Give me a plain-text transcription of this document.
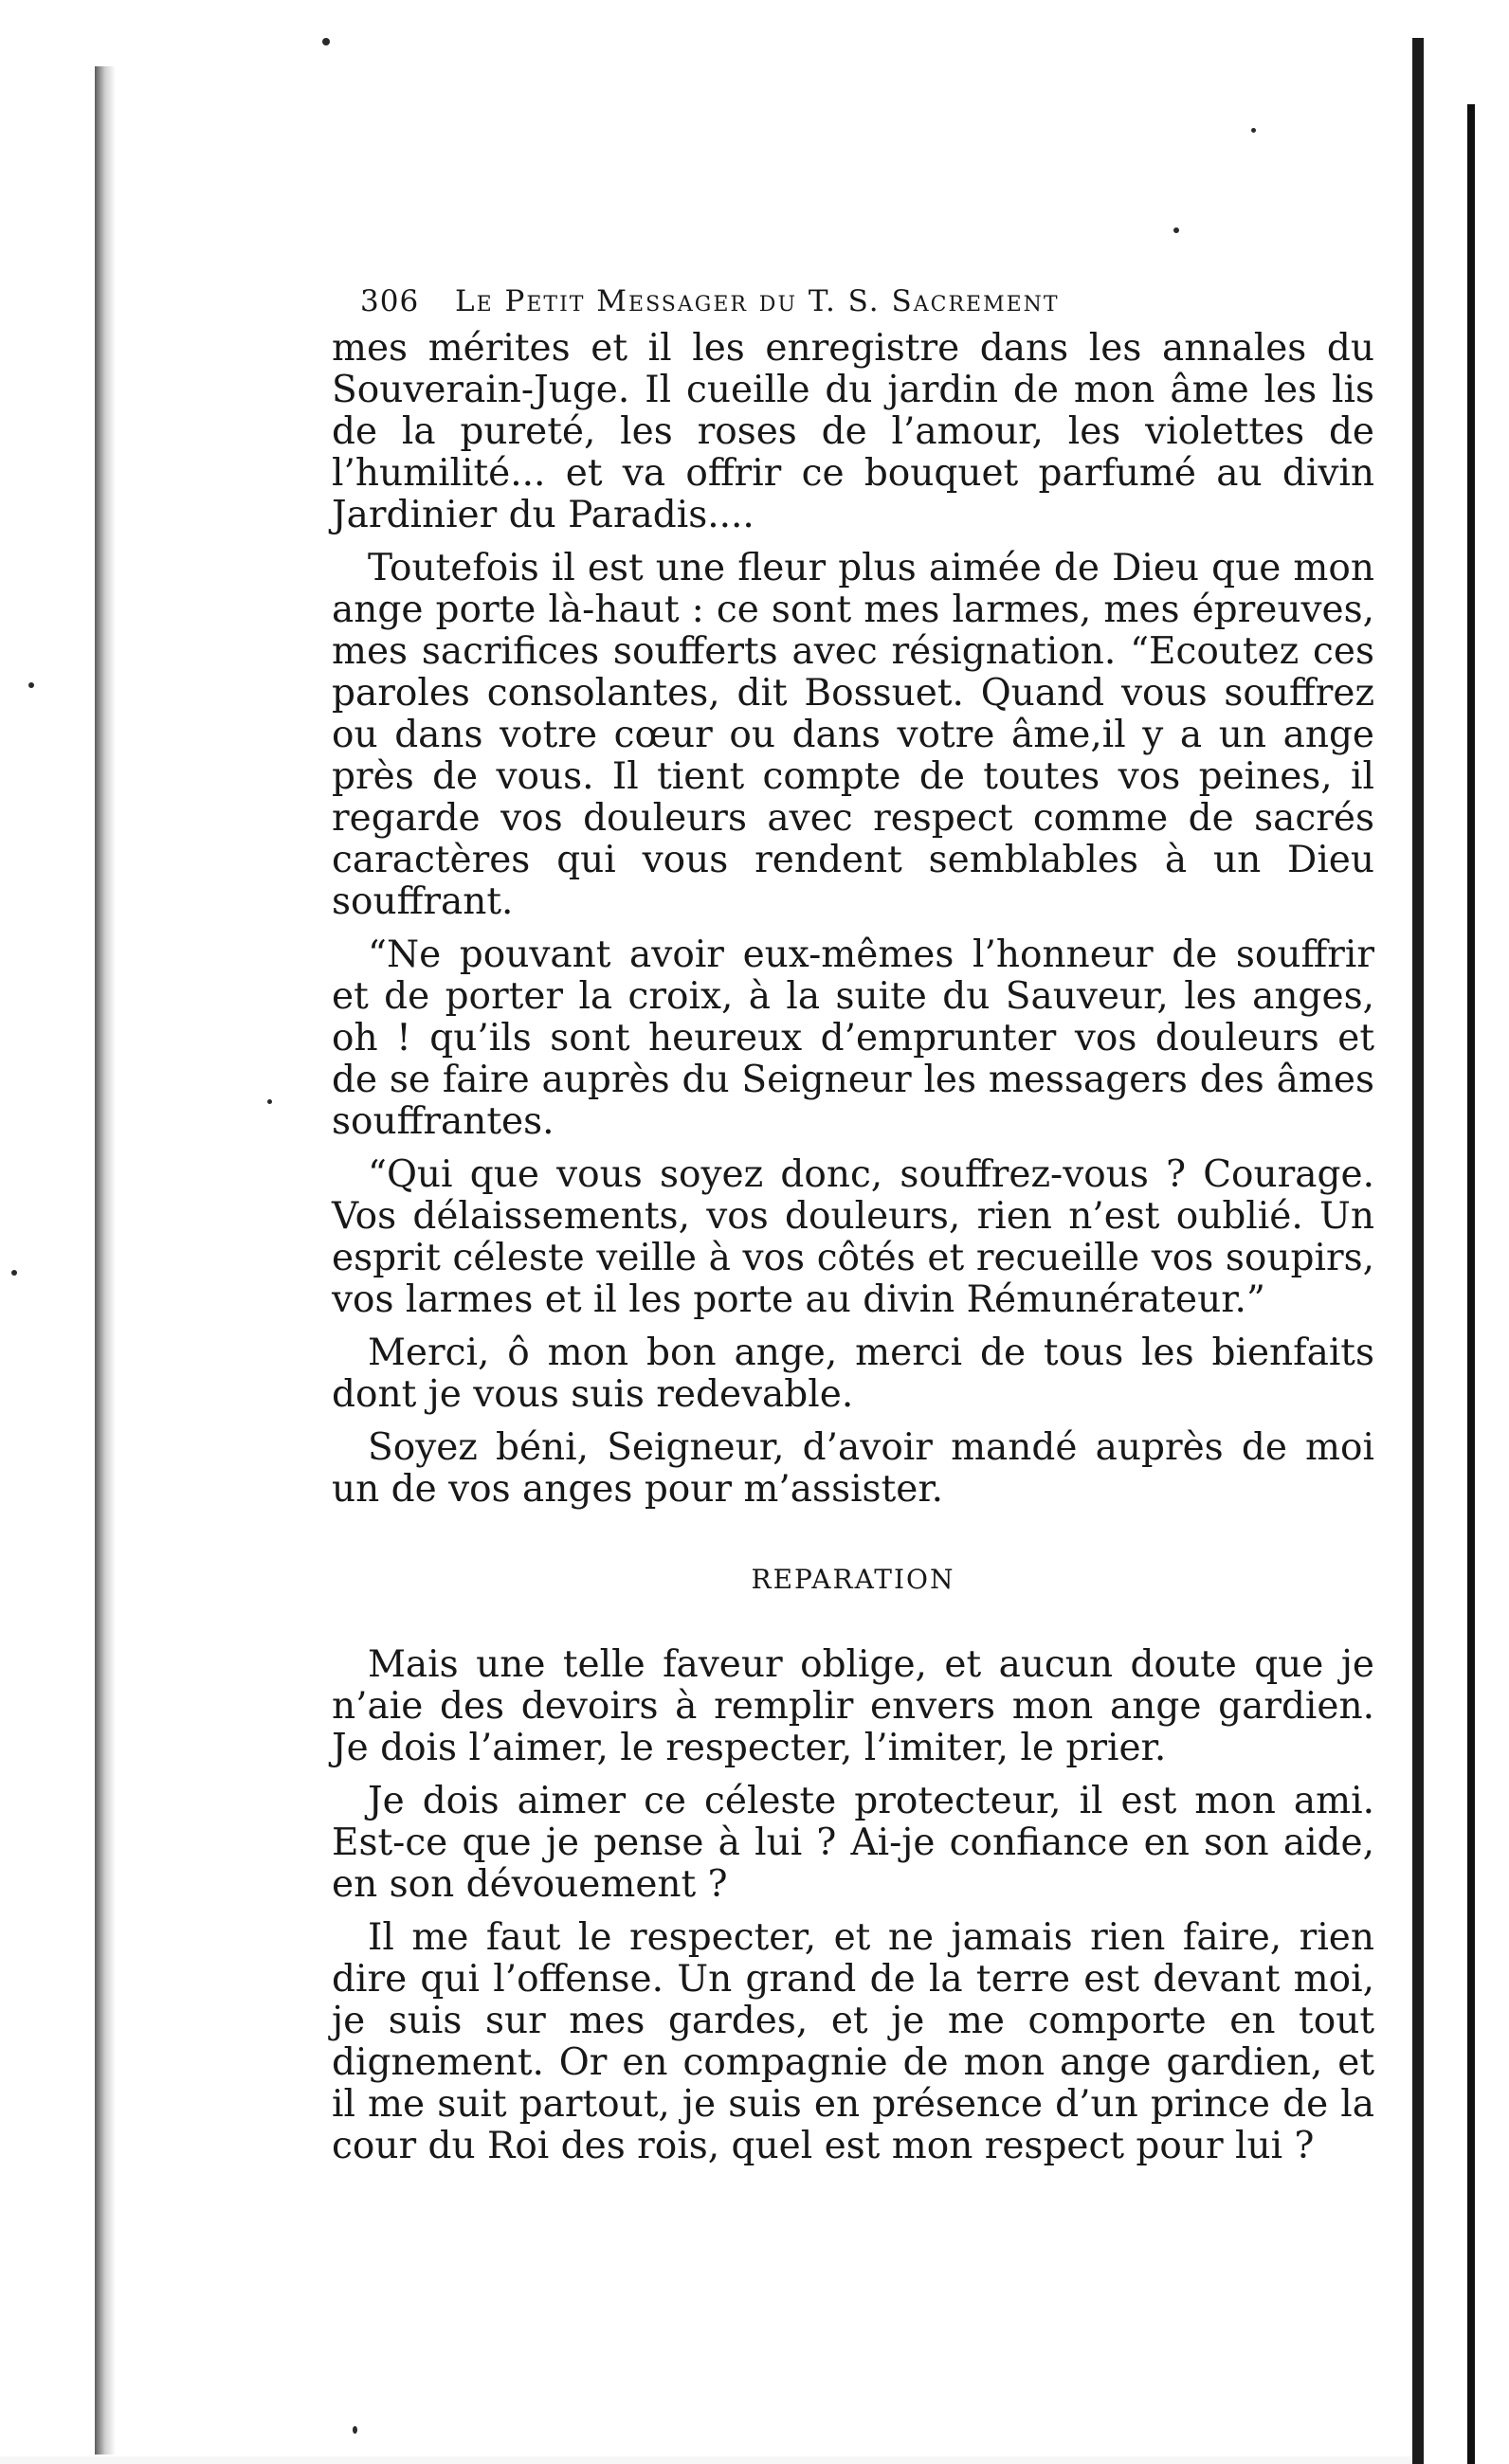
306	Le Petit Messager du T. S. Sacrement

mes mérites et il les enregistre dans les annales du Souverain-Juge. Il cueille du jardin de mon âme les lis de la pureté, les roses de l’amour, les violettes de l’humilité... et va offrir ce bouquet parfumé au divin Jardinier du Paradis....

Toutefois il est une fleur plus aimée de Dieu que mon ange porte là-haut : ce sont mes larmes, mes épreuves, mes sacrifices soufferts avec résignation. “Ecoutez ces paroles consolantes, dit Bossuet. Quand vous souffrez ou dans votre cœur ou dans votre âme,il y a un ange près de vous. Il tient compte de toutes vos peines, il regarde vos douleurs avec respect comme de sacrés caractères qui vous rendent semblables à un Dieu souffrant.

“Ne pouvant avoir eux-mêmes l’honneur de souffrir et de porter la croix, à la suite du Sauveur, les anges, oh ! qu’ils sont heureux d’emprunter vos douleurs et de se faire auprès du Seigneur les messagers des âmes souffrantes.

“Qui que vous soyez donc, souffrez-vous ? Courage. Vos délaissements, vos douleurs, rien n’est oublié. Un esprit céleste veille à vos côtés et recueille vos soupirs, vos larmes et il les porte au divin Rémunérateur.”

Merci, ô mon bon ange, merci de tous les bienfaits dont je vous suis redevable.

Soyez béni, Seigneur, d’avoir mandé auprès de moi un de vos anges pour m’assister.

REPARATION

Mais une telle faveur oblige, et aucun doute que je n’aie des devoirs à remplir envers mon ange gardien. Je dois l’aimer, le respecter, l’imiter, le prier.

Je dois aimer ce céleste protecteur, il est mon ami. Est-ce que je pense à lui ? Ai-je confiance en son aide, en son dévouement ?

Il me faut le respecter, et ne jamais rien faire, rien dire qui l’offense. Un grand de la terre est devant moi, je suis sur mes gardes, et je me comporte en tout dignement. Or en compagnie de mon ange gardien, et il me suit partout, je suis en présence d’un prince de la cour du Roi des rois, quel est mon respect pour lui ?
